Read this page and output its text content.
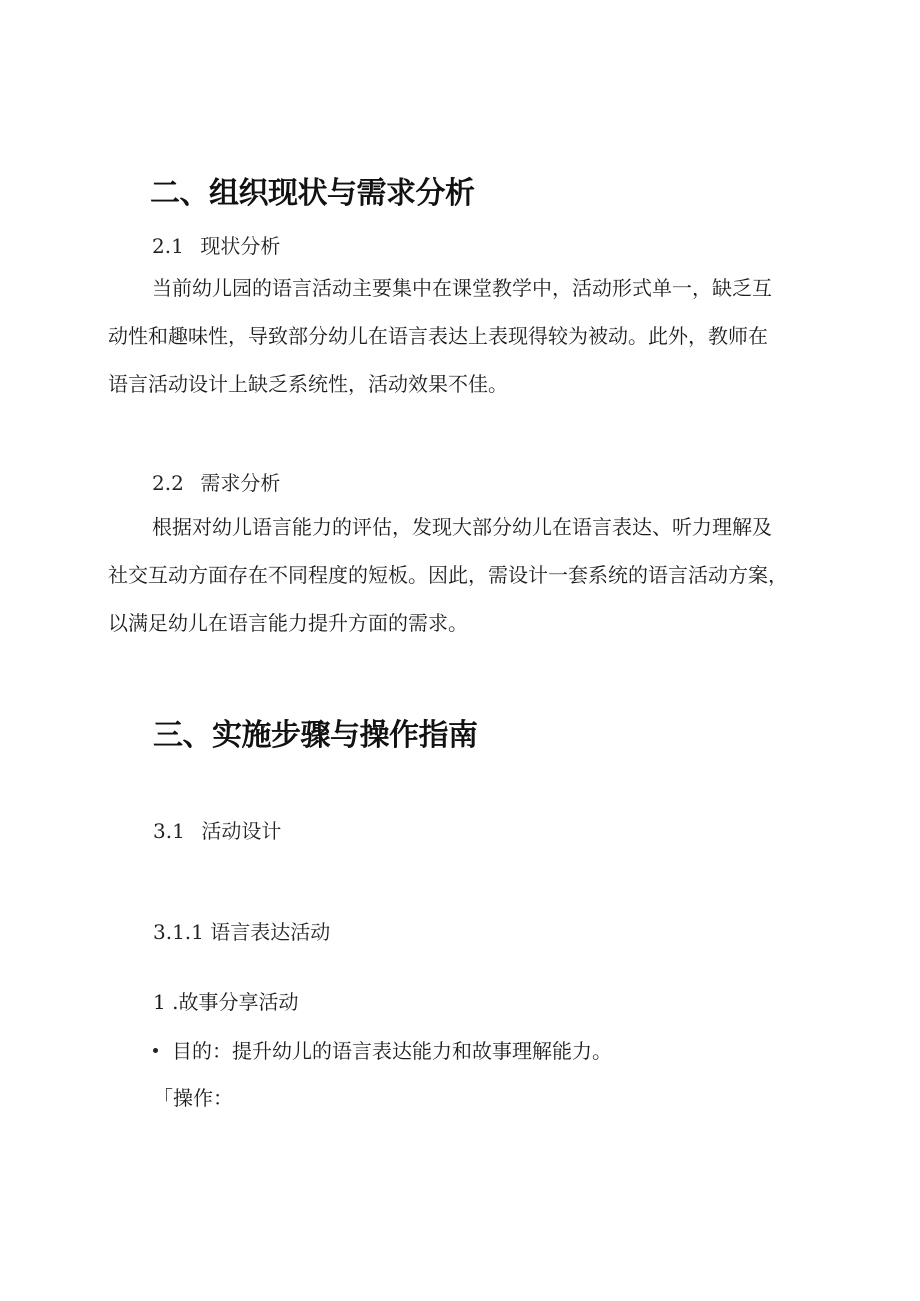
二、组织现状与需求分析
2.1 现状分析
当前幼儿园的语言活动主要集中在课堂教学中，活动形式单一，缺乏互
动性和趣味性，导致部分幼儿在语言表达上表现得较为被动。此外，教师在
语言活动设计上缺乏系统性，活动效果不佳。
2.2 需求分析
根据对幼儿语言能力的评估，发现大部分幼儿在语言表达、听力理解及
社交互动方面存在不同程度的短板。因此，需设计一套系统的语言活动方案，
以满足幼儿在语言能力提升方面的需求。
三、实施步骤与操作指南
3.1 活动设计
3.1.1 语言表达活动
1 .故事分享活动
目的：提升幼儿的语言表达能力和故事理解能力。
「操作：
